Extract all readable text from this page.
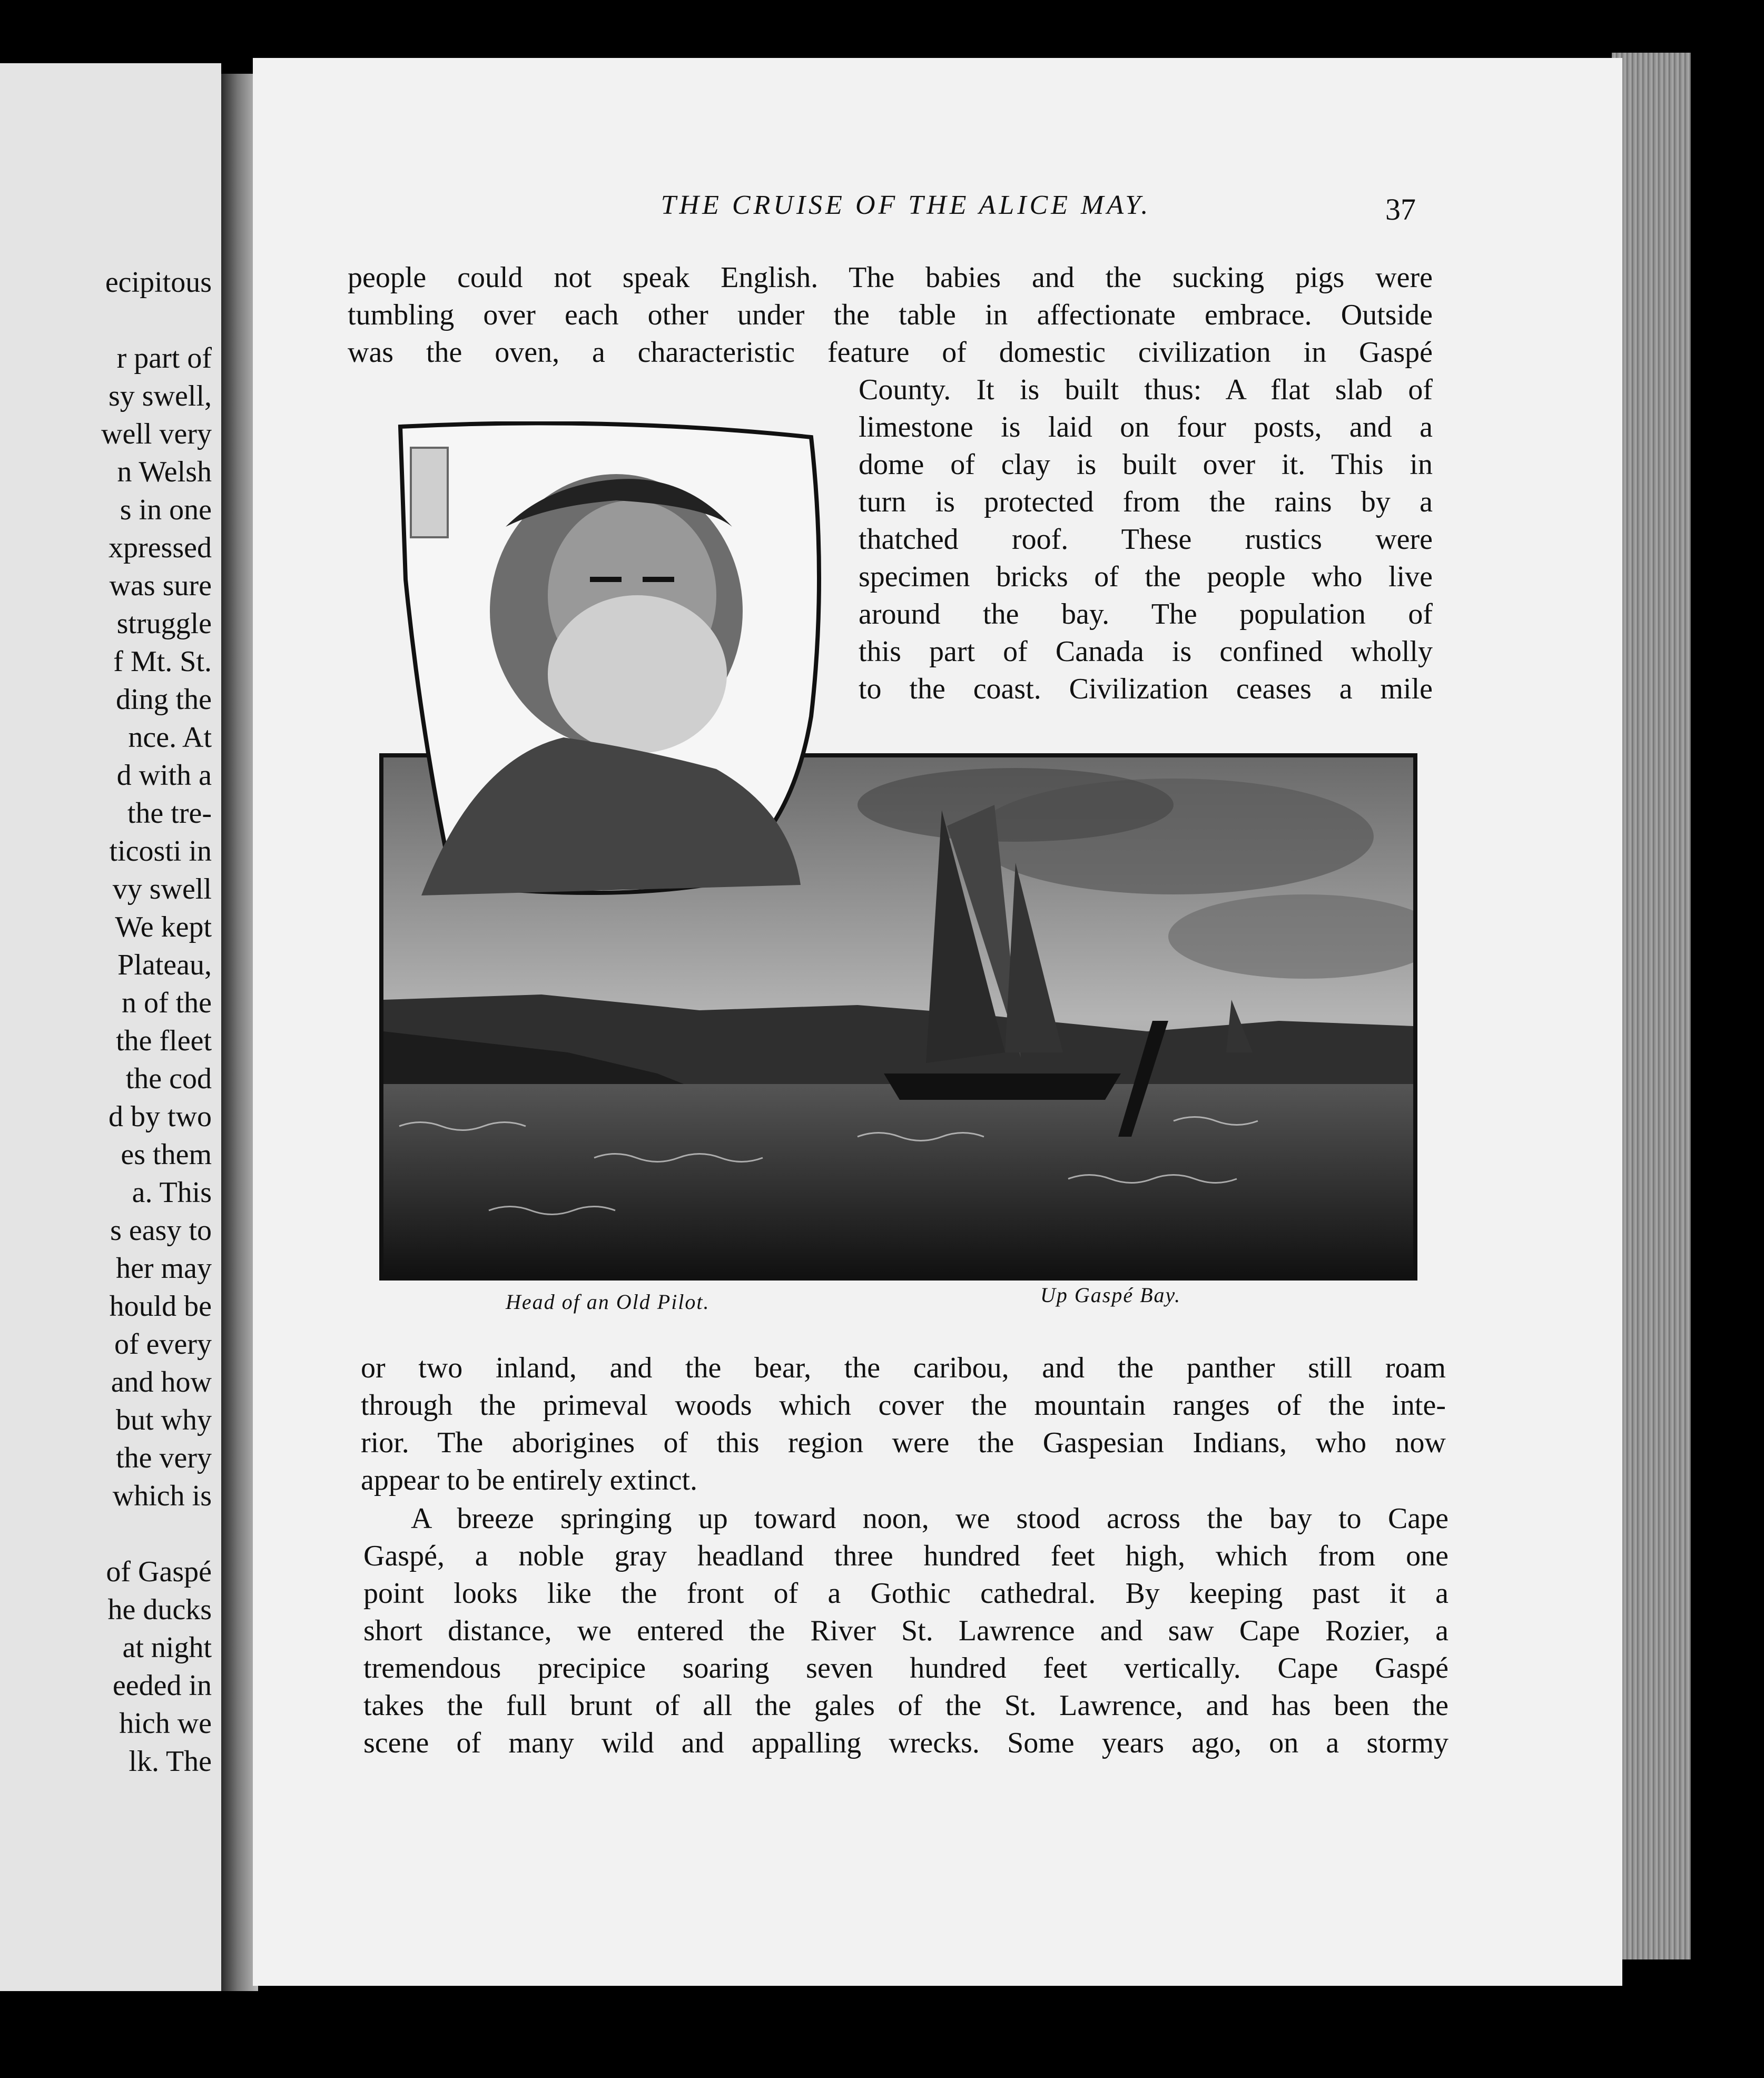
ecipitous
r part of
sy swell,
well very
n Welsh
s in one
xpressed
was sure
struggle
f Mt. St.
ding the
nce. At
d with a
the tre-
ticosti in
vy swell
We kept
Plateau,
n of the
the fleet
the cod
d by two
es them
a. This
s easy to
her may
hould be
of every
and how
but why
the very
which is
of Gaspé
he ducks
at night
eeded in
hich we
lk. The
THE CRUISE OF THE ALICE MAY.	37
people could not speak English. The babies and the sucking pigs were
tumbling over each other under the table in affectionate embrace. Outside
was the oven, a characteristic feature of domestic civilization in Gaspé
County. It is built thus: A flat slab of
limestone is laid on four posts, and a
dome of clay is built over it. This in
turn is protected from the rains by a
thatched roof. These rustics were
specimen bricks of the people who live
around the bay. The population of
this part of Canada is confined wholly
to the coast. Civilization ceases a mile
Head of an Old Pilot.	Up Gaspé Bay.
or two inland, and the bear, the caribou, and the panther still roam
through the primeval woods which cover the mountain ranges of the inte-
rior. The aborigines of this region were the Gaspesian Indians, who now
appear to be entirely extinct.
A breeze springing up toward noon, we stood across the bay to Cape
Gaspé, a noble gray headland three hundred feet high, which from one
point looks like the front of a Gothic cathedral. By keeping past it a
short distance, we entered the River St. Lawrence and saw Cape Rozier, a
tremendous precipice soaring seven hundred feet vertically. Cape Gaspé
takes the full brunt of all the gales of the St. Lawrence, and has been the
scene of many wild and appalling wrecks. Some years ago, on a stormy
